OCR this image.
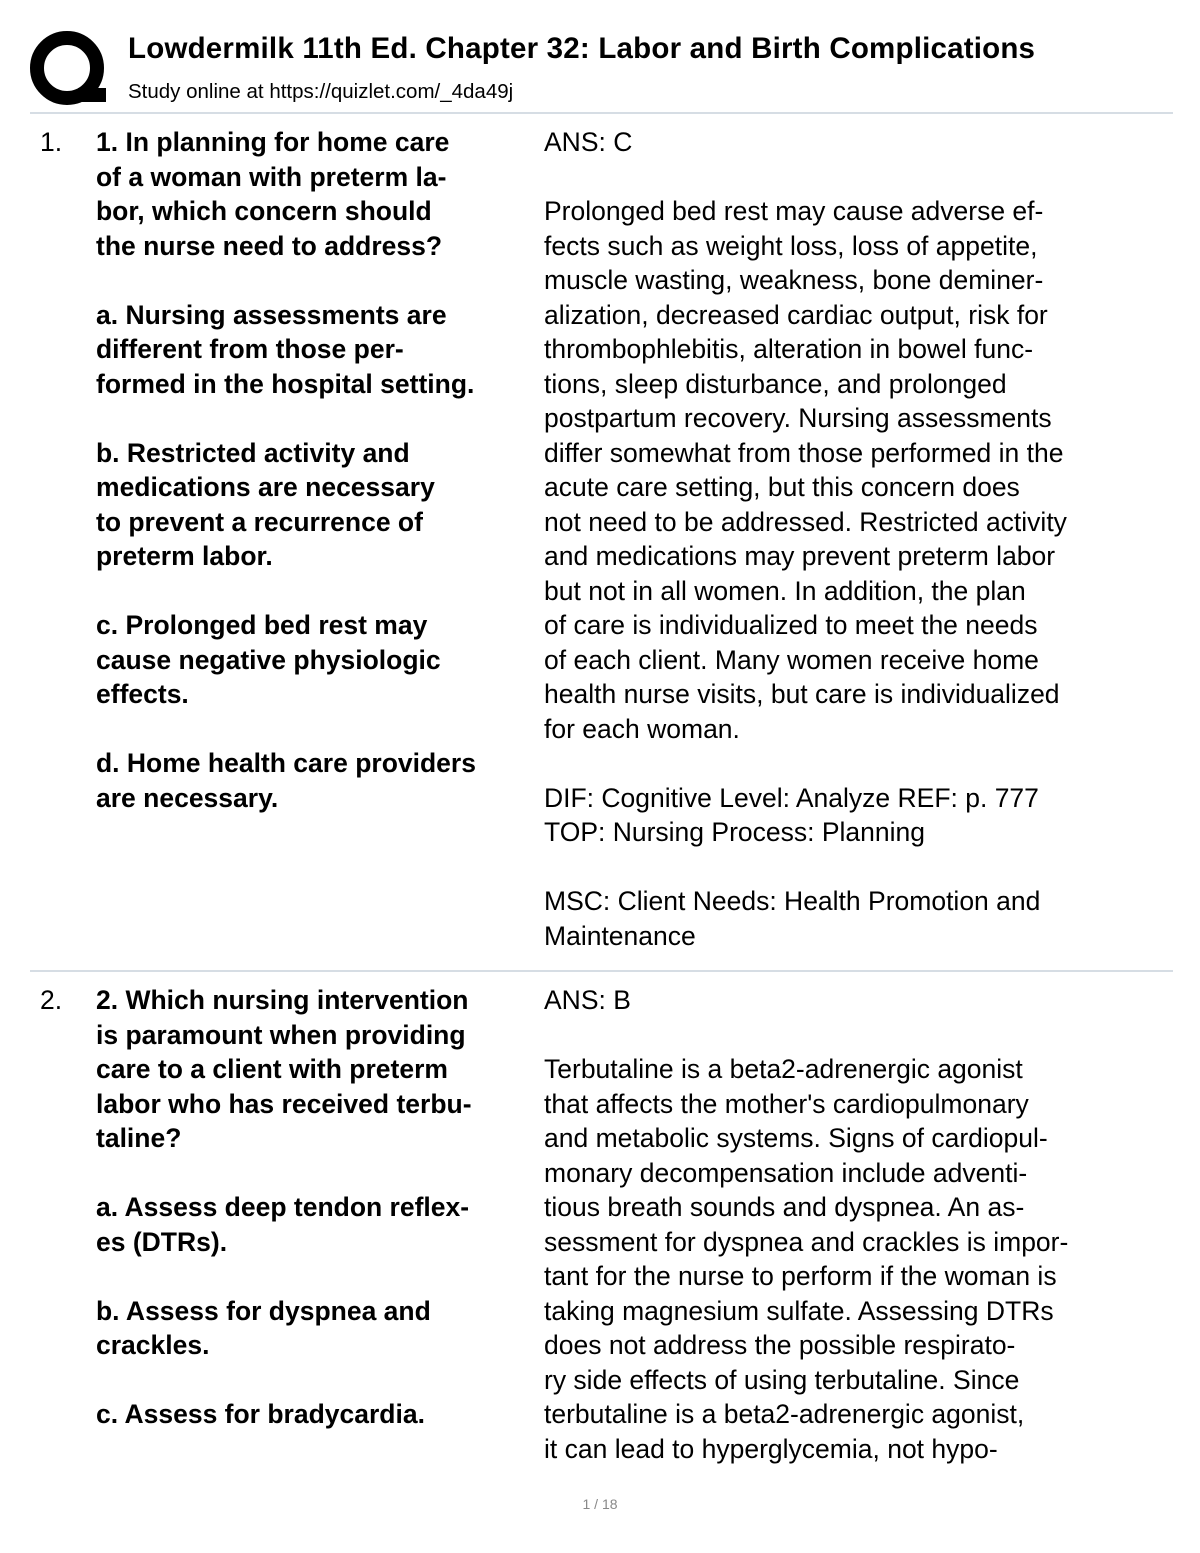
Lowdermilk 11th Ed. Chapter 32: Labor and Birth Complications
Study online at https://quizlet.com/_4da49j
1. 1. In planning for home care
of a woman with preterm la-
bor, which concern should
the nurse need to address?
a. Nursing assessments are
different from those per-
formed in the hospital setting.
b. Restricted activity and
medications are necessary
to prevent a recurrence of
preterm labor.
c. Prolonged bed rest may
cause negative physiologic
effects.
d. Home health care providers
are necessary.
ANS: C
Prolonged bed rest may cause adverse ef-
fects such as weight loss, loss of appetite,
muscle wasting, weakness, bone deminer-
alization, decreased cardiac output, risk for
thrombophlebitis, alteration in bowel func-
tions, sleep disturbance, and prolonged
postpartum recovery. Nursing assessments
differ somewhat from those performed in the
acute care setting, but this concern does
not need to be addressed. Restricted activity
and medications may prevent preterm labor
but not in all women. In addition, the plan
of care is individualized to meet the needs
of each client. Many women receive home
health nurse visits, but care is individualized
for each woman.
DIF: Cognitive Level: Analyze REF: p. 777
TOP: Nursing Process: Planning
MSC: Client Needs: Health Promotion and
Maintenance
2. 2. Which nursing intervention
is paramount when providing
care to a client with preterm
labor who has received terbu-
taline?
a. Assess deep tendon reflex-
es (DTRs).
b. Assess for dyspnea and
crackles.
c. Assess for bradycardia.
ANS: B
Terbutaline is a beta2-adrenergic agonist
that affects the mother's cardiopulmonary
and metabolic systems. Signs of cardiopul-
monary decompensation include adventi-
tious breath sounds and dyspnea. An as-
sessment for dyspnea and crackles is impor-
tant for the nurse to perform if the woman is
taking magnesium sulfate. Assessing DTRs
does not address the possible respirato-
ry side effects of using terbutaline. Since
terbutaline is a beta2-adrenergic agonist,
it can lead to hyperglycemia, not hypo-
1 / 18
